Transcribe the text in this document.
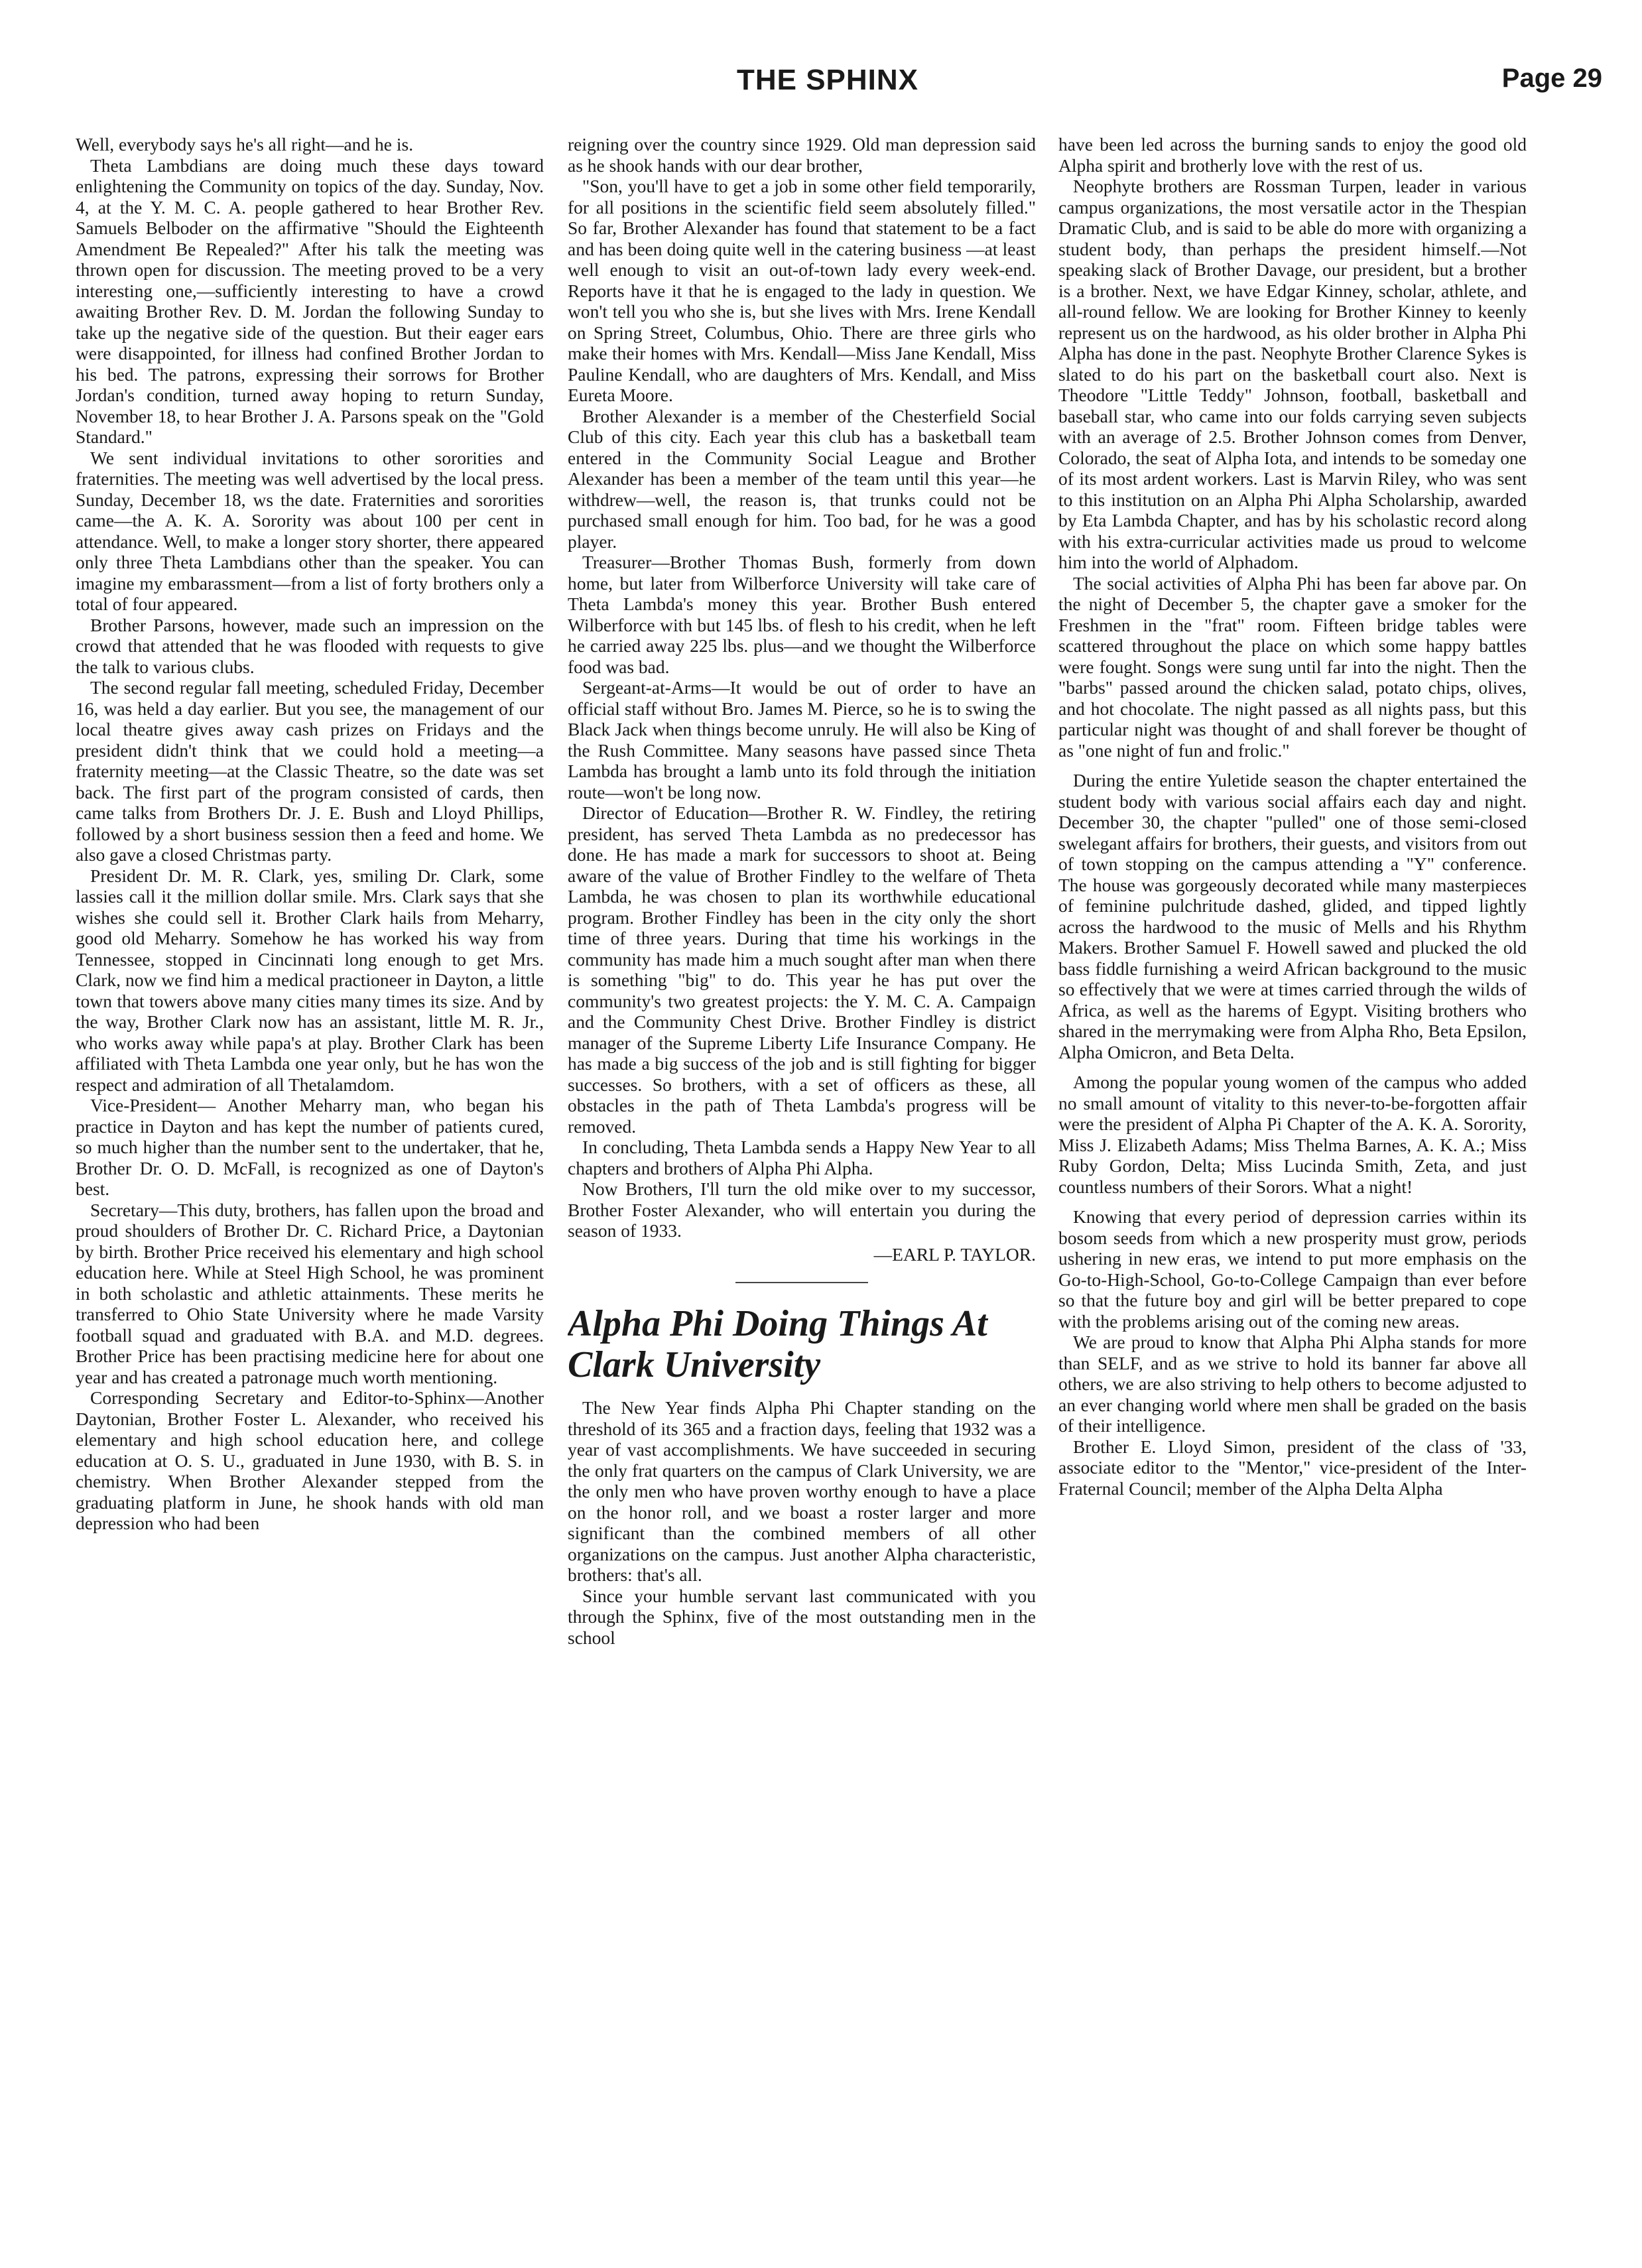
THE SPHINX	Page 29

Well, everybody says he's all right—and he is.

Theta Lambdians are doing much these days toward enlightening the Community on topics of the day. Sunday, Nov. 4, at the Y. M. C. A. people gathered to hear Brother Rev. Samuels Belboder on the affirmative "Should the Eighteenth Amendment Be Repealed?" After his talk the meeting was thrown open for discussion. The meeting proved to be a very interesting one,—sufficiently interesting to have a crowd awaiting Brother Rev. D. M. Jordan the following Sunday to take up the negative side of the question. But their eager ears were disappointed, for illness had confined Brother Jordan to his bed. The patrons, expressing their sorrows for Brother Jordan's condition, turned away hoping to return Sunday, November 18, to hear Brother J. A. Parsons speak on the "Gold Standard."

We sent individual invitations to other sororities and fraternities. The meeting was well advertised by the local press. Sunday, December 18, ws the date. Fraternities and sororities came—the A. K. A. Sorority was about 100 per cent in attendance. Well, to make a longer story shorter, there appeared only three Theta Lambdians other than the speaker. You can imagine my embarassment—from a list of forty brothers only a total of four appeared.

Brother Parsons, however, made such an impression on the crowd that attended that he was flooded with requests to give the talk to various clubs.

The second regular fall meeting, scheduled Friday, December 16, was held a day earlier. But you see, the management of our local theatre gives away cash prizes on Fridays and the president didn't think that we could hold a meeting—a fraternity meeting—at the Classic Theatre, so the date was set back. The first part of the program consisted of cards, then came talks from Brothers Dr. J. E. Bush and Lloyd Phillips, followed by a short business session then a feed and home. We also gave a closed Christmas party.

President Dr. M. R. Clark, yes, smiling Dr. Clark, some lassies call it the million dollar smile. Mrs. Clark says that she wishes she could sell it. Brother Clark hails from Meharry, good old Meharry. Somehow he has worked his way from Tennessee, stopped in Cincinnati long enough to get Mrs. Clark, now we find him a medical practioneer in Dayton, a little town that towers above many cities many times its size. And by the way, Brother Clark now has an assistant, little M. R. Jr., who works away while papa's at play. Brother Clark has been affiliated with Theta Lambda one year only, but he has won the respect and admiration of all Thetalamdom.

Vice-President— Another Meharry man, who began his practice in Dayton and has kept the number of patients cured, so much higher than the number sent to the undertaker, that he, Brother Dr. O. D. McFall, is recognized as one of Dayton's best.

Secretary—This duty, brothers, has fallen upon the broad and proud shoulders of Brother Dr. C. Richard Price, a Daytonian by birth. Brother Price received his elementary and high school education here. While at Steel High School, he was prominent in both scholastic and athletic attainments. These merits he transferred to Ohio State University where he made Varsity football squad and graduated with B.A. and M.D. degrees. Brother Price has been practising medicine here for about one year and has created a patronage much worth mentioning.

Corresponding Secretary and Editor-to-Sphinx—Another Daytonian, Brother Foster L. Alexander, who received his elementary and high school education here, and college education at O. S. U., graduated in June 1930, with B. S. in chemistry. When Brother Alexander stepped from the graduating platform in June, he shook hands with old man depression who had been

reigning over the country since 1929. Old man depression said as he shook hands with our dear brother,

"Son, you'll have to get a job in some other field temporarily, for all positions in the scientific field seem absolutely filled." So far, Brother Alexander has found that statement to be a fact and has been doing quite well in the catering business —at least well enough to visit an out-of-town lady every week-end. Reports have it that he is engaged to the lady in question. We won't tell you who she is, but she lives with Mrs. Irene Kendall on Spring Street, Columbus, Ohio. There are three girls who make their homes with Mrs. Kendall—Miss Jane Kendall, Miss Pauline Kendall, who are daughters of Mrs. Kendall, and Miss Eureta Moore.

Brother Alexander is a member of the Chesterfield Social Club of this city. Each year this club has a basketball team entered in the Community Social League and Brother Alexander has been a member of the team until this year—he withdrew—well, the reason is, that trunks could not be purchased small enough for him. Too bad, for he was a good player.

Treasurer—Brother Thomas Bush, formerly from down home, but later from Wilberforce University will take care of Theta Lambda's money this year. Brother Bush entered Wilberforce with but 145 lbs. of flesh to his credit, when he left he carried away 225 lbs. plus—and we thought the Wilberforce food was bad.

Sergeant-at-Arms—It would be out of order to have an official staff without Bro. James M. Pierce, so he is to swing the Black Jack when things become unruly. He will also be King of the Rush Committee. Many seasons have passed since Theta Lambda has brought a lamb unto its fold through the initiation route—won't be long now.

Director of Education—Brother R. W. Findley, the retiring president, has served Theta Lambda as no predecessor has done. He has made a mark for successors to shoot at. Being aware of the value of Brother Findley to the welfare of Theta Lambda, he was chosen to plan its worthwhile educational program. Brother Findley has been in the city only the short time of three years. During that time his workings in the community has made him a much sought after man when there is something "big" to do. This year he has put over the community's two greatest projects: the Y. M. C. A. Campaign and the Community Chest Drive. Brother Findley is district manager of the Supreme Liberty Life Insurance Company. He has made a big success of the job and is still fighting for bigger successes. So brothers, with a set of officers as these, all obstacles in the path of Theta Lambda's progress will be removed.

In concluding, Theta Lambda sends a Happy New Year to all chapters and brothers of Alpha Phi Alpha.

Now Brothers, I'll turn the old mike over to my successor, Brother Foster Alexander, who will entertain you during the season of 1933.

—EARL P. TAYLOR.

Alpha Phi Doing Things At Clark University

The New Year finds Alpha Phi Chapter standing on the threshold of its 365 and a fraction days, feeling that 1932 was a year of vast accomplishments. We have succeeded in securing the only frat quarters on the campus of Clark University, we are the only men who have proven worthy enough to have a place on the honor roll, and we boast a roster larger and more significant than the combined members of all other organizations on the campus. Just another Alpha characteristic, brothers: that's all.

Since your humble servant last communicated with you through the Sphinx, five of the most outstanding men in the school

have been led across the burning sands to enjoy the good old Alpha spirit and brotherly love with the rest of us.

Neophyte brothers are Rossman Turpen, leader in various campus organizations, the most versatile actor in the Thespian Dramatic Club, and is said to be able do more with organizing a student body, than perhaps the president himself.—Not speaking slack of Brother Davage, our president, but a brother is a brother. Next, we have Edgar Kinney, scholar, athlete, and all-round fellow. We are looking for Brother Kinney to keenly represent us on the hardwood, as his older brother in Alpha Phi Alpha has done in the past. Neophyte Brother Clarence Sykes is slated to do his part on the basketball court also. Next is Theodore "Little Teddy" Johnson, football, basketball and baseball star, who came into our folds carrying seven subjects with an average of 2.5. Brother Johnson comes from Denver, Colorado, the seat of Alpha Iota, and intends to be someday one of its most ardent workers. Last is Marvin Riley, who was sent to this institution on an Alpha Phi Alpha Scholarship, awarded by Eta Lambda Chapter, and has by his scholastic record along with his extra-curricular activities made us proud to welcome him into the world of Alphadom.

The social activities of Alpha Phi has been far above par. On the night of December 5, the chapter gave a smoker for the Freshmen in the "frat" room. Fifteen bridge tables were scattered throughout the place on which some happy battles were fought. Songs were sung until far into the night. Then the "barbs" passed around the chicken salad, potato chips, olives, and hot chocolate. The night passed as all nights pass, but this particular night was thought of and shall forever be thought of as "one night of fun and frolic."

During the entire Yuletide season the chapter entertained the student body with various social affairs each day and night. December 30, the chapter "pulled" one of those semi-closed swelegant affairs for brothers, their guests, and visitors from out of town stopping on the campus attending a "Y" conference. The house was gorgeously decorated while many masterpieces of feminine pulchritude dashed, glided, and tipped lightly across the hardwood to the music of Mells and his Rhythm Makers. Brother Samuel F. Howell sawed and plucked the old bass fiddle furnishing a weird African background to the music so effectively that we were at times carried through the wilds of Africa, as well as the harems of Egypt. Visiting brothers who shared in the merrymaking were from Alpha Rho, Beta Epsilon, Alpha Omicron, and Beta Delta.

Among the popular young women of the campus who added no small amount of vitality to this never-to-be-forgotten affair were the president of Alpha Pi Chapter of the A. K. A. Sorority, Miss J. Elizabeth Adams; Miss Thelma Barnes, A. K. A.; Miss Ruby Gordon, Delta; Miss Lucinda Smith, Zeta, and just countless numbers of their Sorors. What a night!

Knowing that every period of depression carries within its bosom seeds from which a new prosperity must grow, periods ushering in new eras, we intend to put more emphasis on the Go-to-High-School, Go-to-College Campaign than ever before so that the future boy and girl will be better prepared to cope with the problems arising out of the coming new areas.

We are proud to know that Alpha Phi Alpha stands for more than SELF, and as we strive to hold its banner far above all others, we are also striving to help others to become adjusted to an ever changing world where men shall be graded on the basis of their intelligence.

Brother E. Lloyd Simon, president of the class of '33, associate editor to the "Mentor," vice-president of the Inter-Fraternal Council; member of the Alpha Delta Alpha
